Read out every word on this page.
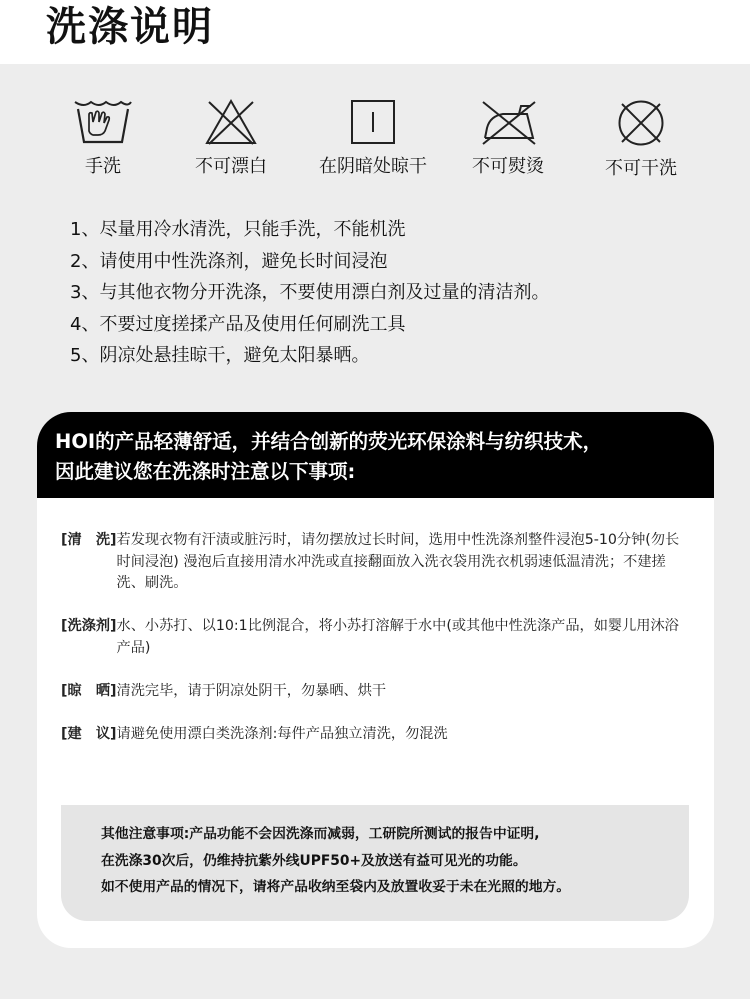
洗涤说明
手洗	不可漂白	在阴暗处晾干	不可熨烫	不可干洗
1、尽量用冷水清洗，只能手洗，不能机洗
2、请使用中性洗涤剂，避免长时间浸泡
3、与其他衣物分开洗涤，不要使用漂白剂及过量的清洁剂。
4、不要过度搓揉产品及使用任何刷洗工具
5、阴凉处悬挂晾干，避免太阳暴晒。
HOI的产品轻薄舒适，并结合创新的荧光环保涂料与纺织技术，
因此建议您在洗涤时注意以下事项:
[清　洗] 若发现衣物有汗渍或脏污时，请勿摆放过长时间，选用中性洗涤剂整件浸泡5-10分钟(勿长时间浸泡) 漫泡后直接用清水冲洗或直接翻面放入洗衣袋用洗衣机弱速低温清洗；不建搓洗、刷洗。
[洗涤剂] 水、小苏打、以10:1比例混合，将小苏打溶解于水中(或其他中性洗涤产品，如婴儿用沐浴产品)
[晾　晒] 清洗完毕，请于阴凉处阴干，勿暴晒、烘干
[建　议] 请避免使用漂白类洗涤剂:每件产品独立清洗，勿混洗
其他注意事项:产品功能不会因洗涤而减弱，工研院所测试的报告中证明,
在洗涤30次后，仍维持抗紫外线UPF50+及放送有益可见光的功能。
如不使用产品的情况下，请将产品收纳至袋内及放置收妥于未在光照的地方。
